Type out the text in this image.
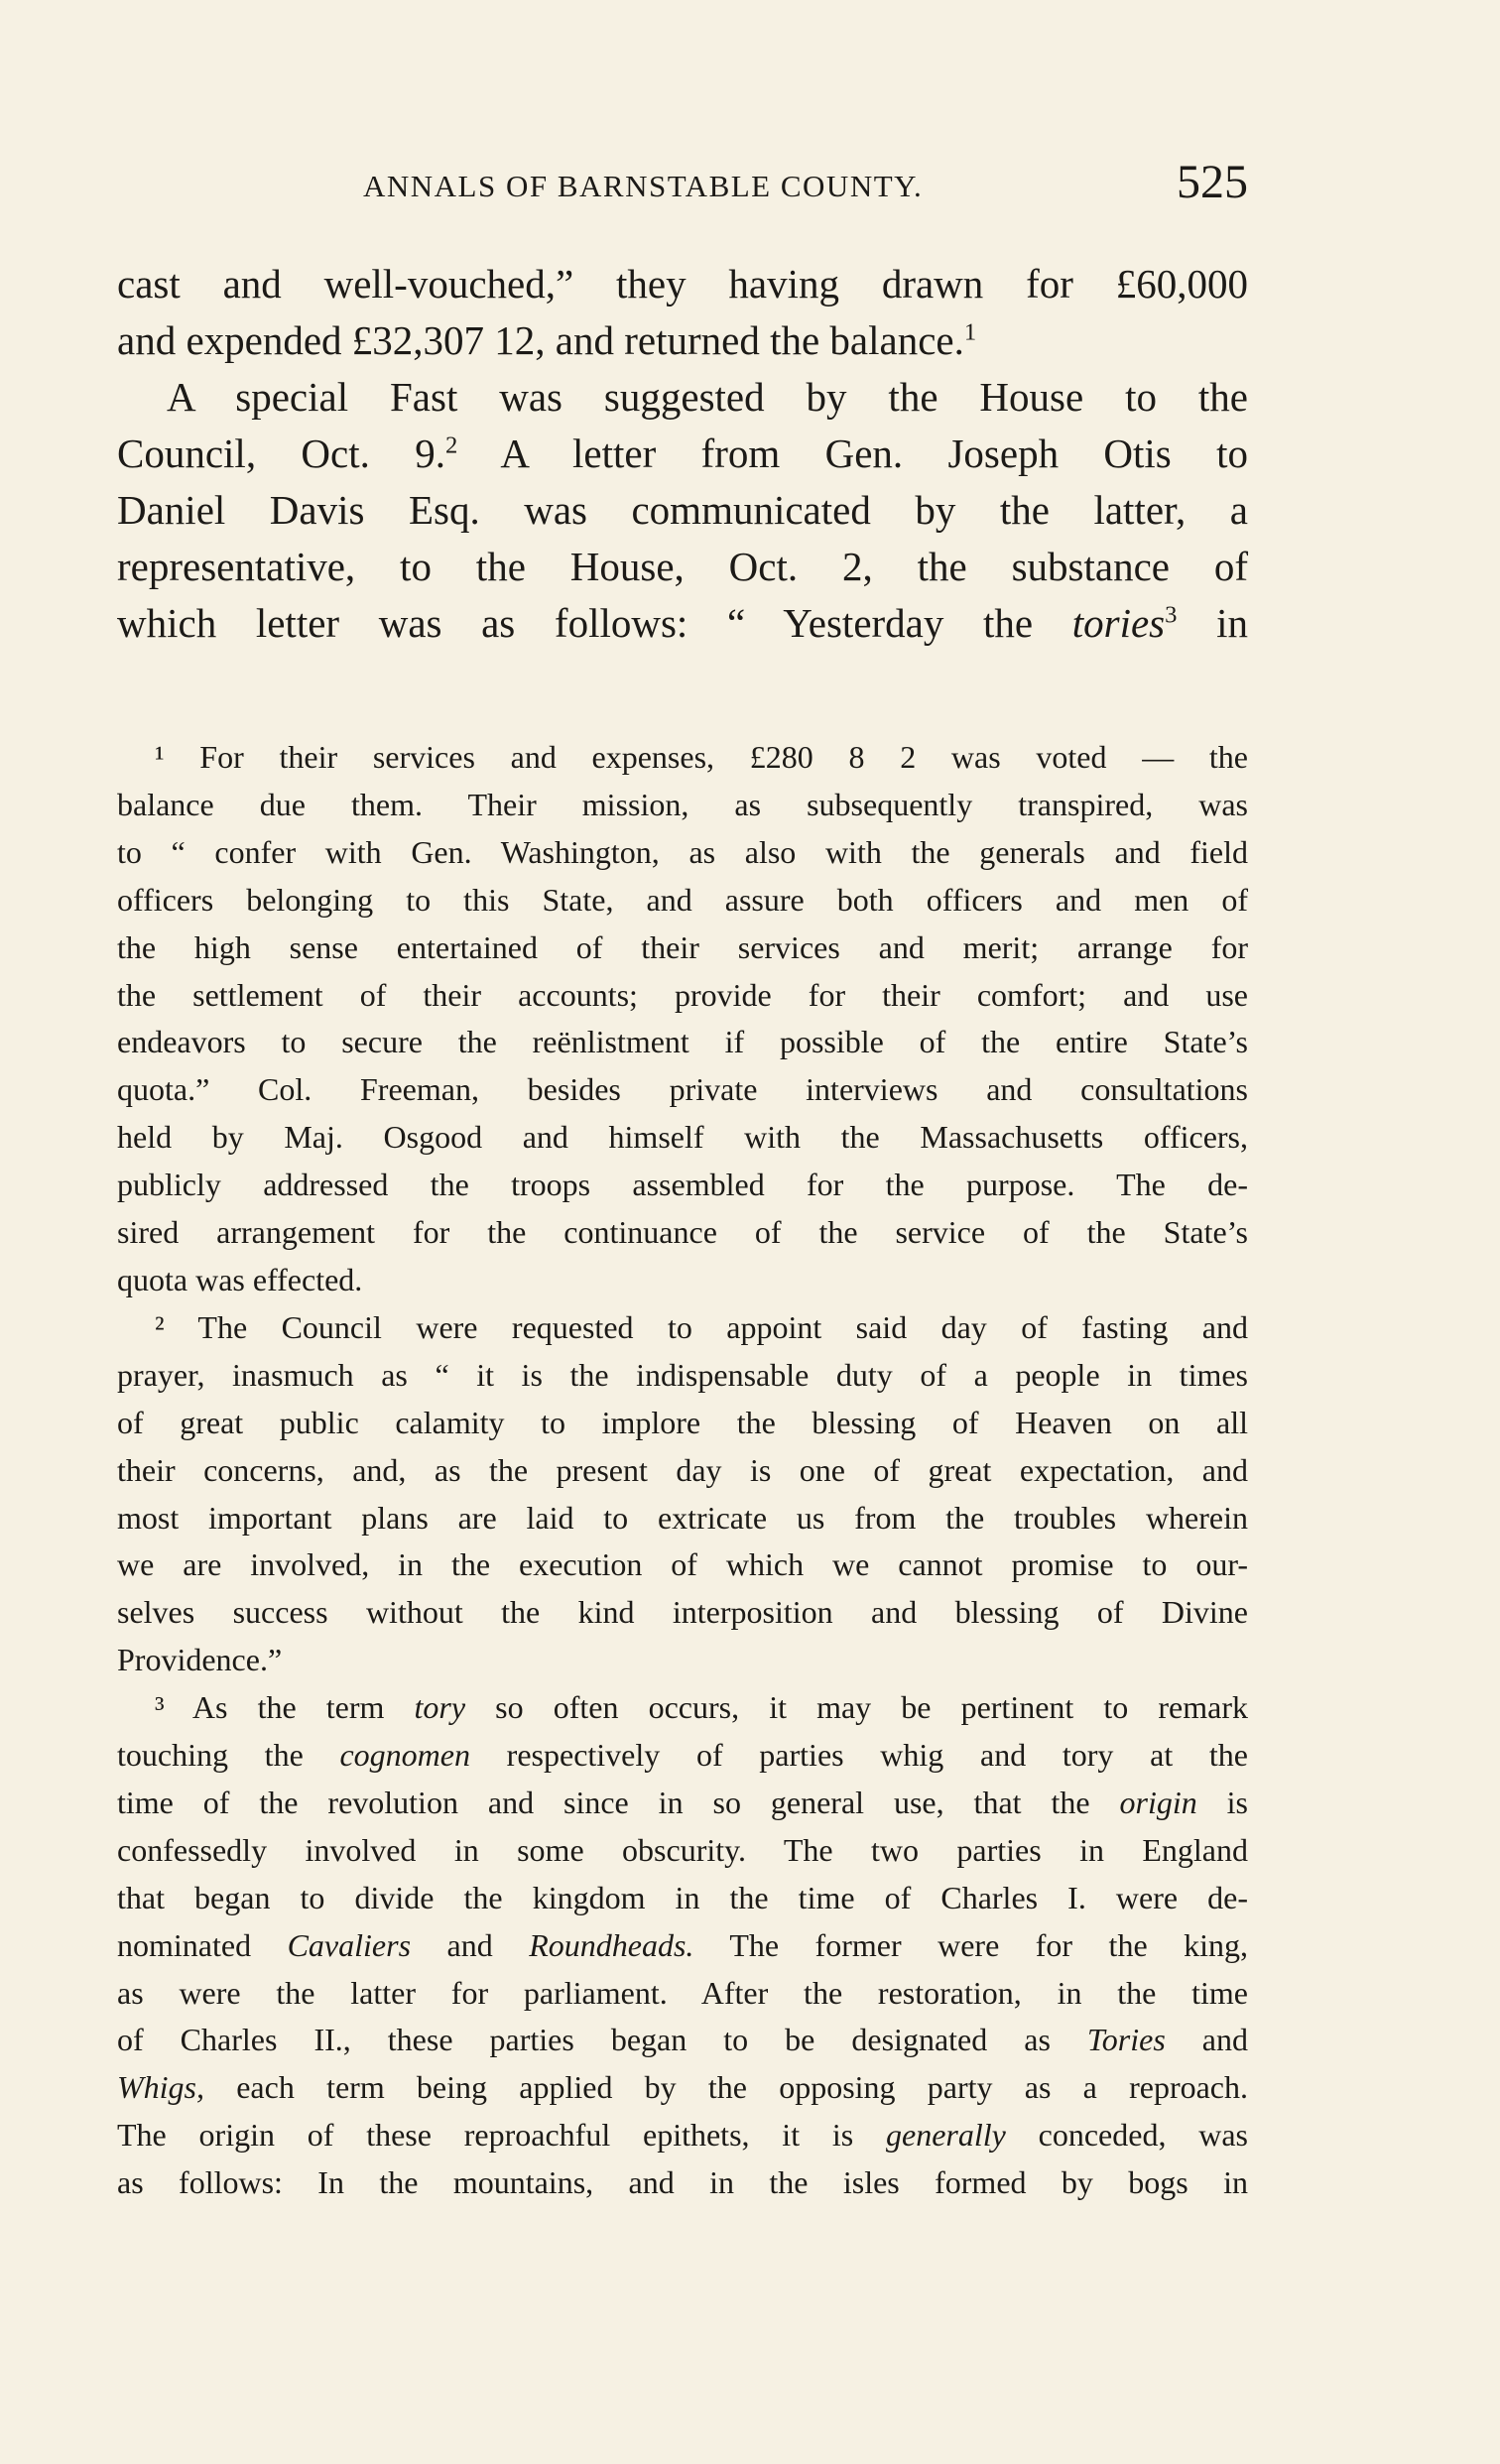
ANNALS OF BARNSTABLE COUNTY.	525
cast and well-vouched,” they having drawn for £60,000
and expended £32,307 12, and returned the balance.$^1$
A special Fast was suggested by the House to the
Council, Oct. 9.$^2$ A letter from Gen. Joseph Otis to
Daniel Davis Esq. was communicated by the latter, a
representative, to the House, Oct. 2, the substance of
which letter was as follows: “ Yesterday the tories$^3$ in
¹ For their services and expenses, £280 8 2 was voted — the
balance due them. Their mission, as subsequently transpired, was
to “ confer with Gen. Washington, as also with the generals and field
officers belonging to this State, and assure both officers and men of
the high sense entertained of their services and merit; arrange for
the settlement of their accounts; provide for their comfort; and use
endeavors to secure the reënlistment if possible of the entire State’s
quota.” Col. Freeman, besides private interviews and consultations
held by Maj. Osgood and himself with the Massachusetts officers,
publicly addressed the troops assembled for the purpose. The de-
sired arrangement for the continuance of the service of the State’s
quota was effected.
² The Council were requested to appoint said day of fasting and
prayer, inasmuch as “ it is the indispensable duty of a people in times
of great public calamity to implore the blessing of Heaven on all
their concerns, and, as the present day is one of great expectation, and
most important plans are laid to extricate us from the troubles wherein
we are involved, in the execution of which we cannot promise to our-
selves success without the kind interposition and blessing of Divine
Providence.”
³ As the term tory so often occurs, it may be pertinent to remark
touching the cognomen respectively of parties whig and tory at the
time of the revolution and since in so general use, that the origin is
confessedly involved in some obscurity. The two parties in England
that began to divide the kingdom in the time of Charles I. were de-
nominated Cavaliers and Roundheads. The former were for the king,
as were the latter for parliament. After the restoration, in the time
of Charles II., these parties began to be designated as Tories and
Whigs, each term being applied by the opposing party as a reproach.
The origin of these reproachful epithets, it is generally conceded, was
as follows: In the mountains, and in the isles formed by bogs in
